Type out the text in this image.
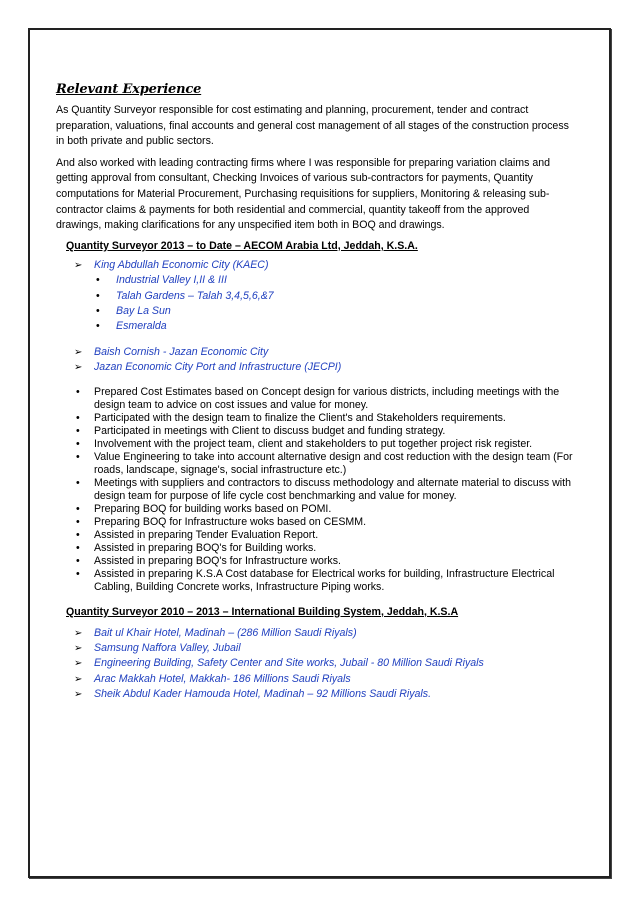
Relevant Experience

As Quantity Surveyor responsible for cost estimating and planning, procurement, tender and contract preparation, valuations, final accounts and general cost management of all stages of the construction process in both private and public sectors.

And also worked with leading contracting firms where I was responsible for preparing variation claims and getting approval from consultant, Checking Invoices of various sub-contractors for payments, Quantity computations for Material Procurement, Purchasing requisitions for suppliers, Monitoring & releasing sub-contractor claims & payments for both residential and commercial, quantity takeoff from the approved drawings, making clarifications for any unspecified item both in BOQ and drawings.

Quantity Surveyor 2013 – to Date – AECOM Arabia Ltd, Jeddah, K.S.A.
➢ King Abdullah Economic City (KAEC)
• Industrial Valley I,II & III
• Talah Gardens – Talah 3,4,5,6,&7
• Bay La Sun
• Esmeralda
➢ Baish Cornish - Jazan Economic City
➢ Jazan Economic City Port and Infrastructure (JECPI)
• Prepared Cost Estimates based on Concept design for various districts, including meetings with the design team to advice on cost issues and value for money.
• Participated with the design team to finalize the Client's and Stakeholders requirements.
• Participated in meetings with Client to discuss budget and funding strategy.
• Involvement with the project team, client and stakeholders to put together project risk register.
• Value Engineering to take into account alternative design and cost reduction with the design team (For roads, landscape, signage's, social infrastructure etc.)
• Meetings with suppliers and contractors to discuss methodology and alternate material to discuss with design team for purpose of life cycle cost benchmarking and value for money.
• Preparing BOQ for building works based on POMI.
• Preparing BOQ for Infrastructure woks based on CESMM.
• Assisted in preparing Tender Evaluation Report.
• Assisted in preparing BOQ's for Building works.
• Assisted in preparing BOQ's for Infrastructure works.
• Assisted in preparing K.S.A Cost database for Electrical works for building, Infrastructure Electrical Cabling, Building Concrete works, Infrastructure Piping works.
Quantity Surveyor 2010 – 2013 – International Building System, Jeddah, K.S.A
➢ Bait ul Khair Hotel, Madinah – (286 Million Saudi Riyals)
➢ Samsung Naffora Valley, Jubail
➢ Engineering Building, Safety Center and Site works, Jubail - 80 Million Saudi Riyals
➢ Arac Makkah Hotel, Makkah- 186 Millions Saudi Riyals
➢ Sheik Abdul Kader Hamouda Hotel, Madinah – 92 Millions Saudi Riyals.
